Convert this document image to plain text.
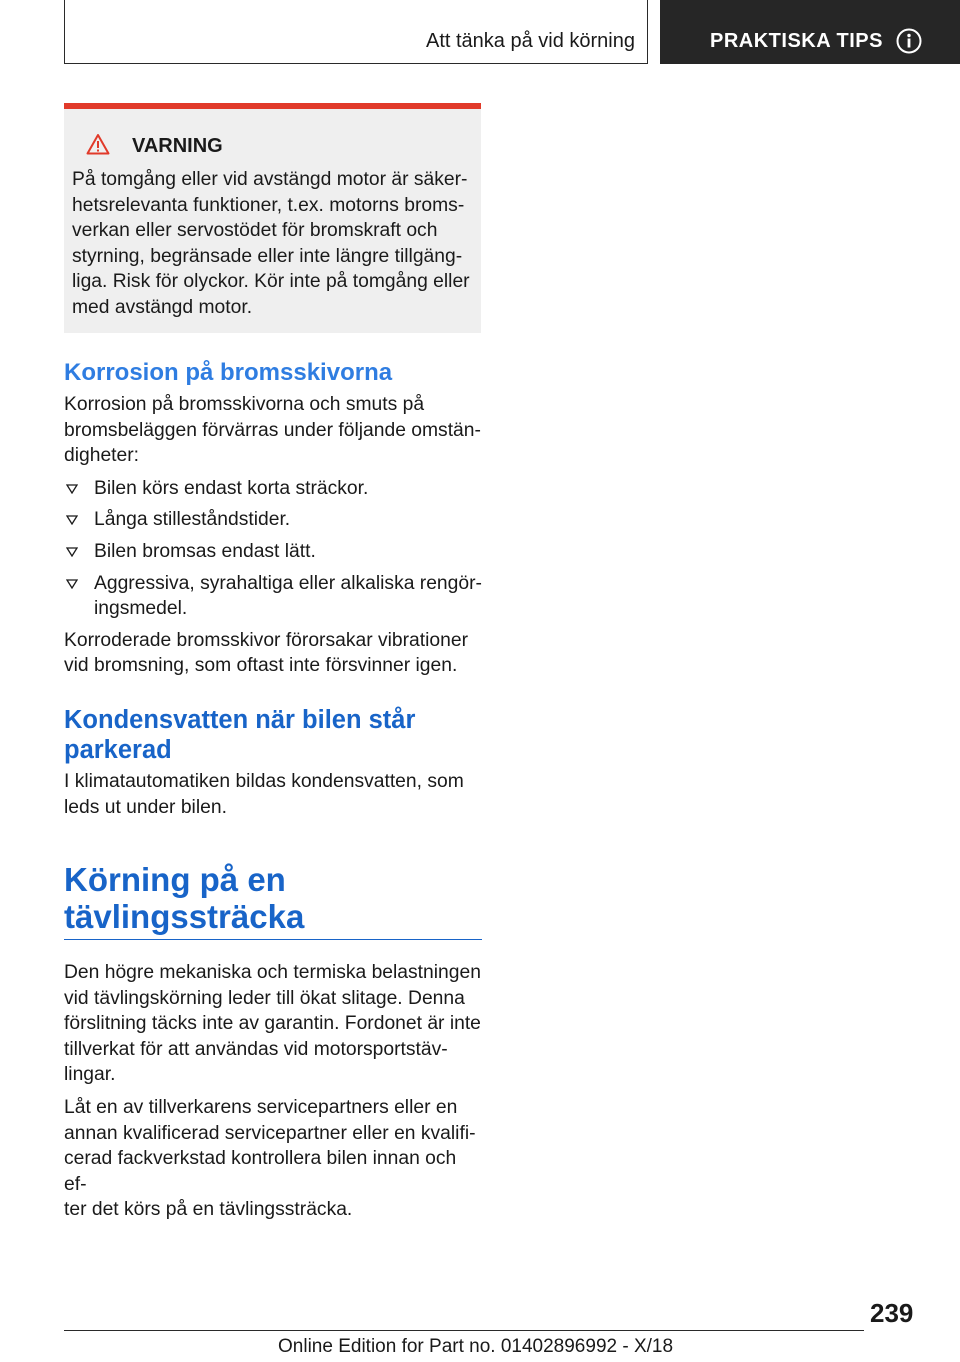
Att tänka på vid körning	PRAKTISKA TIPS
VARNING
På tomgång eller vid avstängd motor är säker-
hetsrelevanta funktioner, t.ex. motorns broms-
verkan eller servostödet för bromskraft och
styrning, begränsade eller inte längre tillgäng-
liga. Risk för olyckor. Kör inte på tomgång eller
med avstängd motor.
Korrosion på bromsskivorna
Korrosion på bromsskivorna och smuts på
bromsbeläggen förvärras under följande omstän-
digheter:
Bilen körs endast korta sträckor.
Långa stilleståndstider.
Bilen bromsas endast lätt.
Aggressiva, syrahaltiga eller alkaliska rengör-
ingsmedel.
Korroderade bromsskivor förorsakar vibrationer
vid bromsning, som oftast inte försvinner igen.
Kondensvatten när bilen står
parkerad
I klimatautomatiken bildas kondensvatten, som
leds ut under bilen.
Körning på en
tävlingssträcka
Den högre mekaniska och termiska belastningen
vid tävlingskörning leder till ökat slitage. Denna
förslitning täcks inte av garantin. Fordonet är inte
tillverkat för att användas vid motorsportstäv-
lingar.
Låt en av tillverkarens servicepartners eller en
annan kvalificerad servicepartner eller en kvalifi-
cerad fackverkstad kontrollera bilen innan och ef-
ter det körs på en tävlingssträcka.
239
Online Edition for Part no. 01402896992 - X/18
